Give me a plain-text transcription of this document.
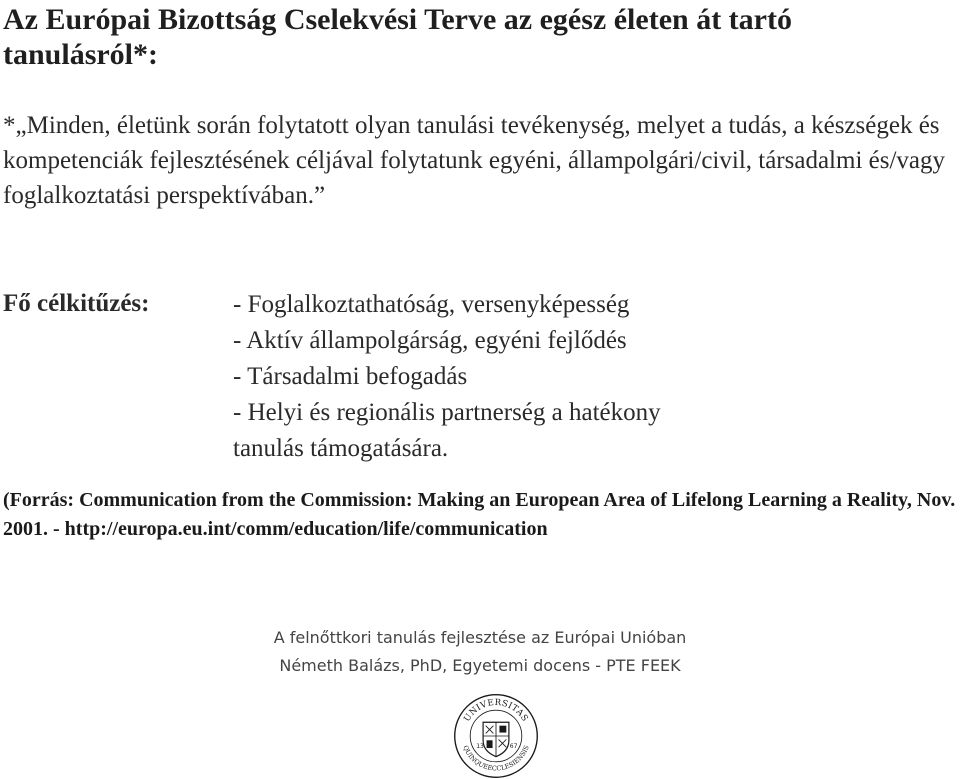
Az Európai Bizottság Cselekvési Terve az egész életen át tartó tanulásról*:
*„Minden, életünk során folytatott olyan tanulási tevékenység, melyet a tudás, a készségek és kompetenciák fejlesztésének céljával folytatunk egyéni, állampolgári/civil, társadalmi és/vagy foglalkoztatási perspektívában.”
Fő célkitűzés:	- Foglalkoztathatóság, versenyképesség
- Aktív állampolgárság, egyéni fejlődés
- Társadalmi befogadás
- Helyi és regionális partnerség a hatékony
tanulás támogatására.
(Forrás: Communication from the Commission: Making an European Area of Lifelong Learning a Reality, Nov. 2001. - http://europa.eu.int/comm/education/life/communication
A felnőttkori tanulás fejlesztése az Európai Unióban
Németh Balázs, PhD, Egyetemi docens - PTE FEEK
UNIVERSITAS
QUINQUEECCLESIENSIS
13	67
